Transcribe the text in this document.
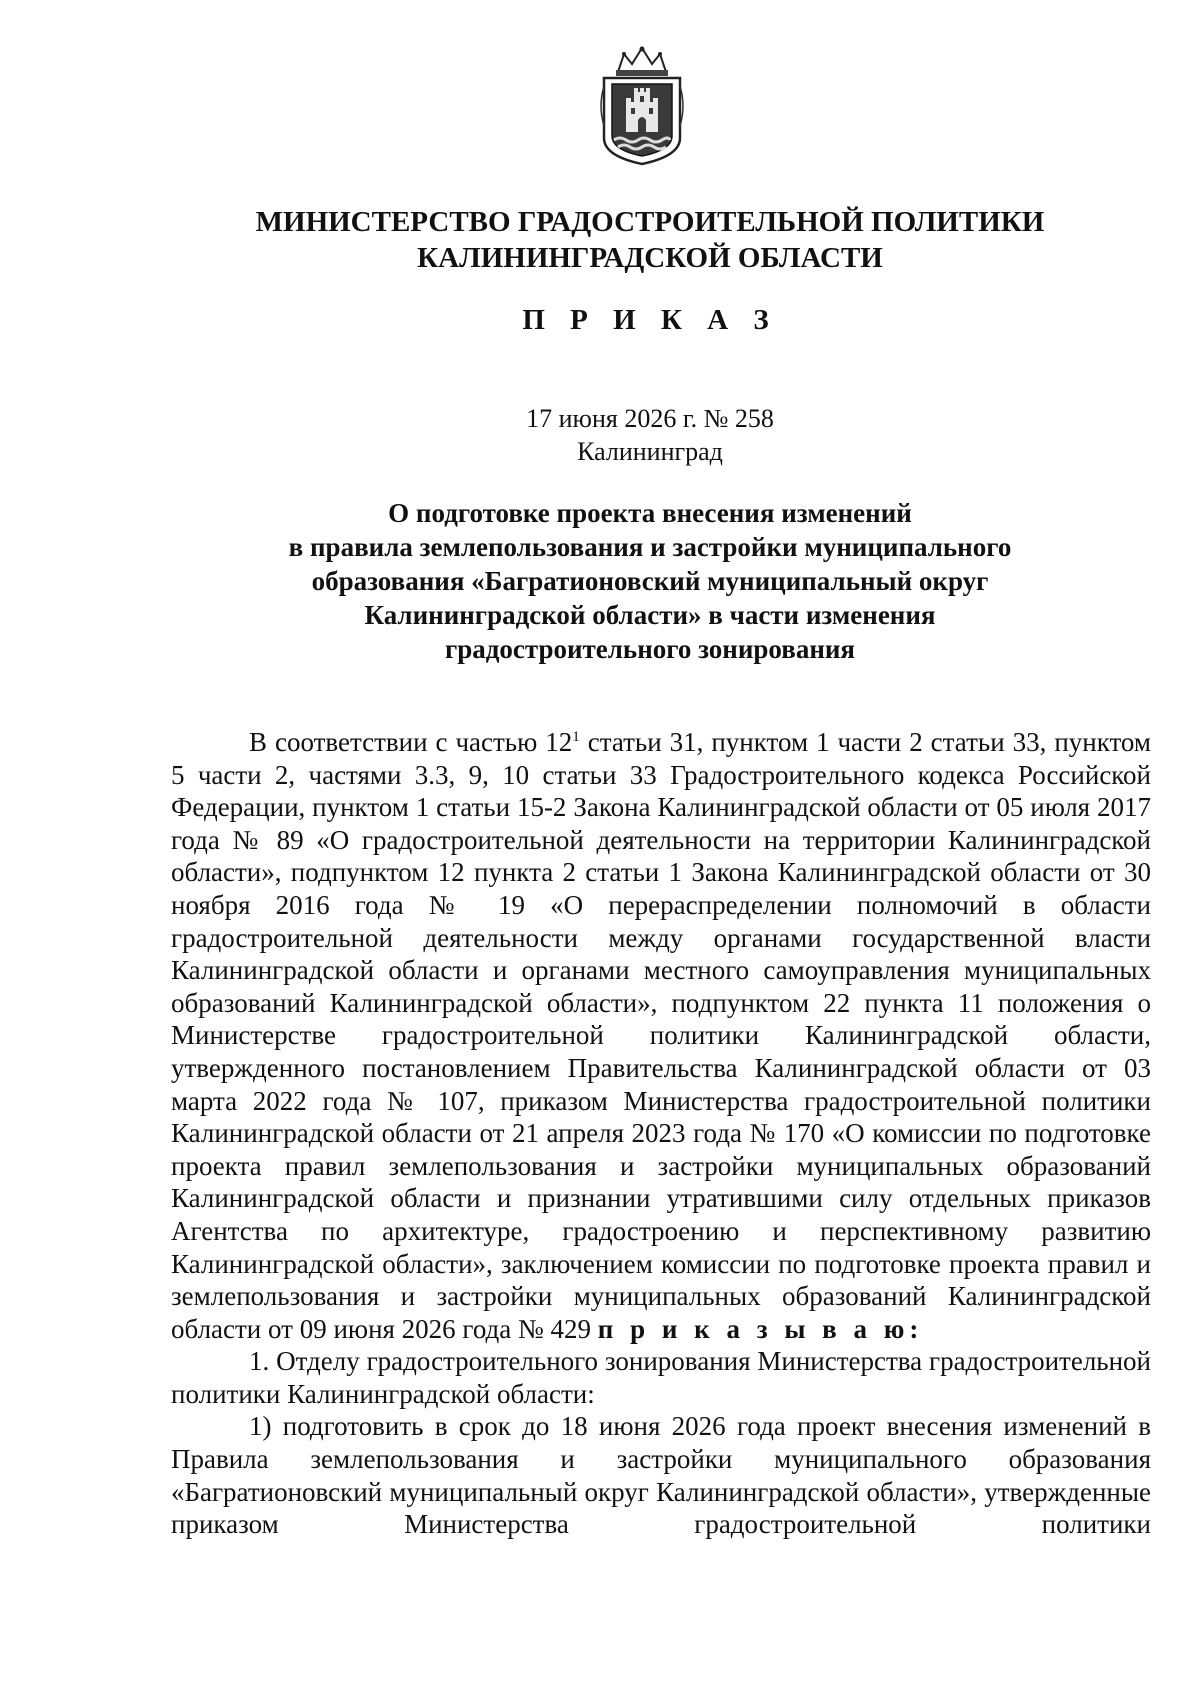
МИНИСТЕРСТВО ГРАДОСТРОИТЕЛЬНОЙ ПОЛИТИКИ
КАЛИНИНГРАДСКОЙ ОБЛАСТИ
П Р И К А З
17 июня 2026 г. № 258
Калининград
О подготовке проекта внесения изменений
в правила землепользования и застройки муниципального
образования «Багратионовский муниципальный округ
Калининградской области» в части изменения
градостроительного зонирования

В соответствии с частью $12^1$ статьи 31, пунктом 1 части 2 статьи 33, пунктом 5 части 2, частями 3.3, 9, 10 статьи 33 Градостроительного кодекса Российской Федерации, пунктом 1 статьи 15-2 Закона Калининградской области от 05 июля 2017 года № 89 «О градостроительной деятельности на территории Калининградской области», подпунктом 12 пункта 2 статьи 1 Закона Калининградской области от 30 ноября 2016 года № 19 «О перераспределении полномочий в области градостроительной деятельности между органами государственной власти Калининградской области и органами местного самоуправления муниципальных образований Калининградской области», подпунктом 22 пункта 11 положения о Министерстве градостроительной политики Калининградской области, утвержденного постановлением Правительства Калининградской области от 03 марта 2022 года № 107, приказом Министерства градостроительной политики Калининградской области от 21 апреля 2023 года № 170 «О комиссии по подготовке проекта правил землепользования и застройки муниципальных образований Калининградской области и признании утратившими силу отдельных приказов Агентства по архитектуре, градостроению и перспективному развитию Калининградской области», заключением комиссии по подготовке проекта правил и землепользования и застройки муниципальных образований Калининградской области от 09 июня 2026 года № 429 п р и к а з ы в а ю:

1. Отделу градостроительного зонирования Министерства градостроительной политики Калининградской области:

1) подготовить в срок до 18 июня 2026 года проект внесения изменений в Правила землепользования и застройки муниципального образования «Багратионовский муниципальный округ Калининградской области», утвержденные приказом Министерства градостроительной политики
